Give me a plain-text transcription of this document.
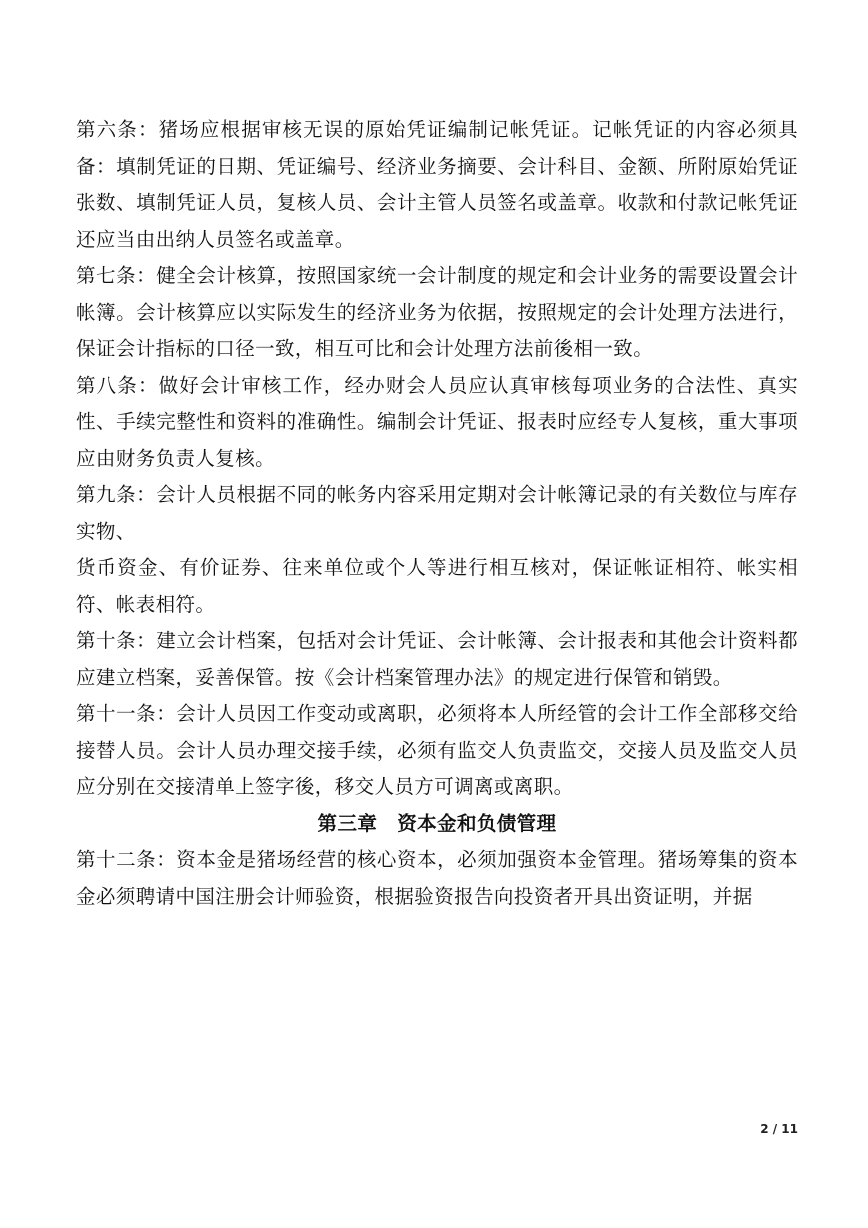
第六条：猪场应根据审核无误的原始凭证编制记帐凭证。记帐凭证的内容必须具备：填制凭证的日期、凭证编号、经济业务摘要、会计科目、金额、所附原始凭证张数、填制凭证人员，复核人员、会计主管人员签名或盖章。收款和付款记帐凭证还应当由出纳人员签名或盖章。

第七条：健全会计核算，按照国家统一会计制度的规定和会计业务的需要设置会计帐簿。会计核算应以实际发生的经济业务为依据，按照规定的会计处理方法进行，保证会计指标的口径一致，相互可比和会计处理方法前後相一致。

第八条：做好会计审核工作，经办财会人员应认真审核每项业务的合法性、真实性、手续完整性和资料的准确性。编制会计凭证、报表时应经专人复核，重大事项应由财务负责人复核。

第九条：会计人员根据不同的帐务内容采用定期对会计帐簿记录的有关数位与库存实物、

货币资金、有价证券、往来单位或个人等进行相互核对，保证帐证相符、帐实相符、帐表相符。

第十条：建立会计档案，包括对会计凭证、会计帐簿、会计报表和其他会计资料都应建立档案，妥善保管。按《会计档案管理办法》的规定进行保管和销毁。

第十一条：会计人员因工作变动或离职，必须将本人所经管的会计工作全部移交给接替人员。会计人员办理交接手续，必须有监交人负责监交，交接人员及监交人员应分别在交接清单上签字後，移交人员方可调离或离职。

第三章 资本金和负债管理

第十二条：资本金是猪场经营的核心资本，必须加强资本金管理。猪场筹集的资本金必须聘请中国注册会计师验资，根据验资报告向投资者开具出资证明，并据

2 / 11
